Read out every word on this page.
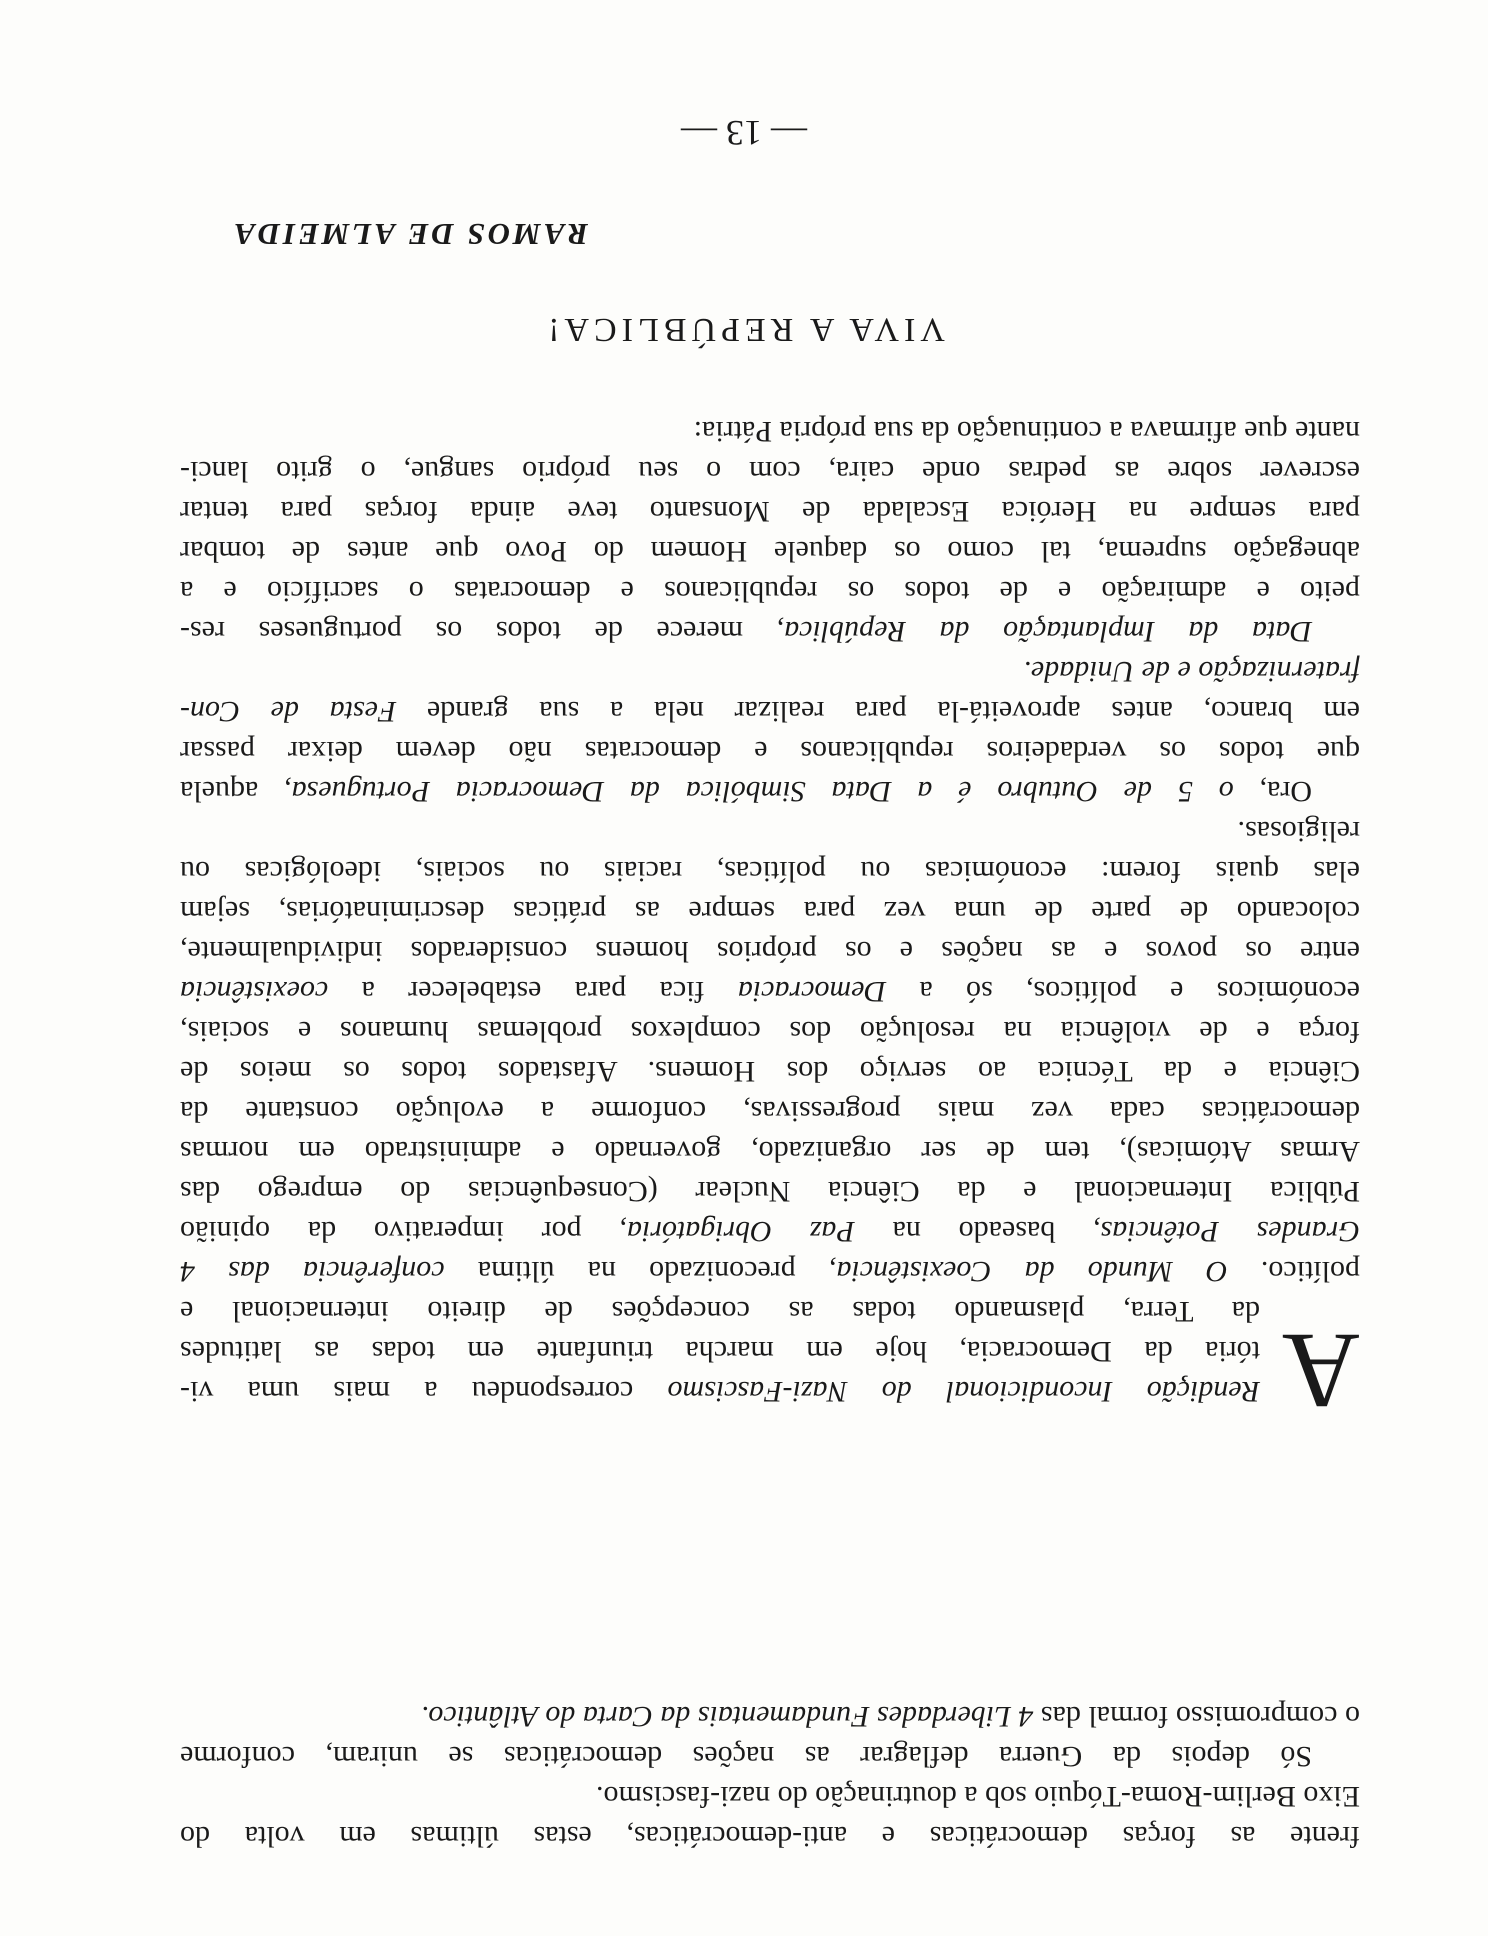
frente as forças democráticas e anti-democráticas, estas últimas em volta do
Eixo Berlim-Roma-Tóquio sob a doutrinação do nazi-fascismo.
Só depois da Guerra deflagrar as nações democráticas se uniram, conforme
o compromisso formal das 4 Liberdades Fundamentais da Carta do Atlântico.
A
Rendição Incondicional do Nazi-Fascismo correspondeu a mais uma vi-
tória da Democracia, hoje em marcha triunfante em todas as latitudes
da Terra, plasmando todas as concepções de direito internacional e
político. O Mundo da Coexistência, preconizado na última conferência das 4
Grandes Potências, baseado na Paz Obrigatória, por imperativo da opinião
Pública Internacional e da Ciência Nuclear (Consequências do emprego das
Armas Atómicas), tem de ser organizado, governado e administrado em normas
democráticas cada vez mais progressivas, conforme a evolução constante da
Ciência e da Técnica ao serviço dos Homens. Afastados todos os meios de
força e de violência na resolução dos complexos problemas humanos e sociais,
económicos e políticos, só a Democracia fica para estabelecer a coexistência
entre os povos e as nações e os próprios homens considerados individualmente,
colocando de parte de uma vez para sempre as práticas descriminatórias, sejam
elas quais forem: económicas ou políticas, raciais ou sociais, ideológicas ou
religiosas.
Ora, o 5 de Outubro é a Data Simbólica da Democracia Portuguesa, aquela
que todos os verdadeiros republicanos e democratas não devem deixar passar
em branco, antes aproveitá-la para realizar nela a sua grande Festa de Con-
fraternização e de Unidade.
Data da Implantação da República, merece de todos os portugueses res-
peito e admiração e de todos os republicanos e democratas o sacrifício e a
abnegação suprema, tal como os daquele Homem do Povo que antes de tombar
para sempre na Heróica Escalada de Monsanto teve ainda forças para tentar
escrever sobre as pedras onde caira, com o seu próprio sangue, o grito lanci-
nante que afirmava a continuação da sua própria Pátria:
VIVA A REPÚBLICA!
RAMOS DE ALMEIDA
— 13 —
